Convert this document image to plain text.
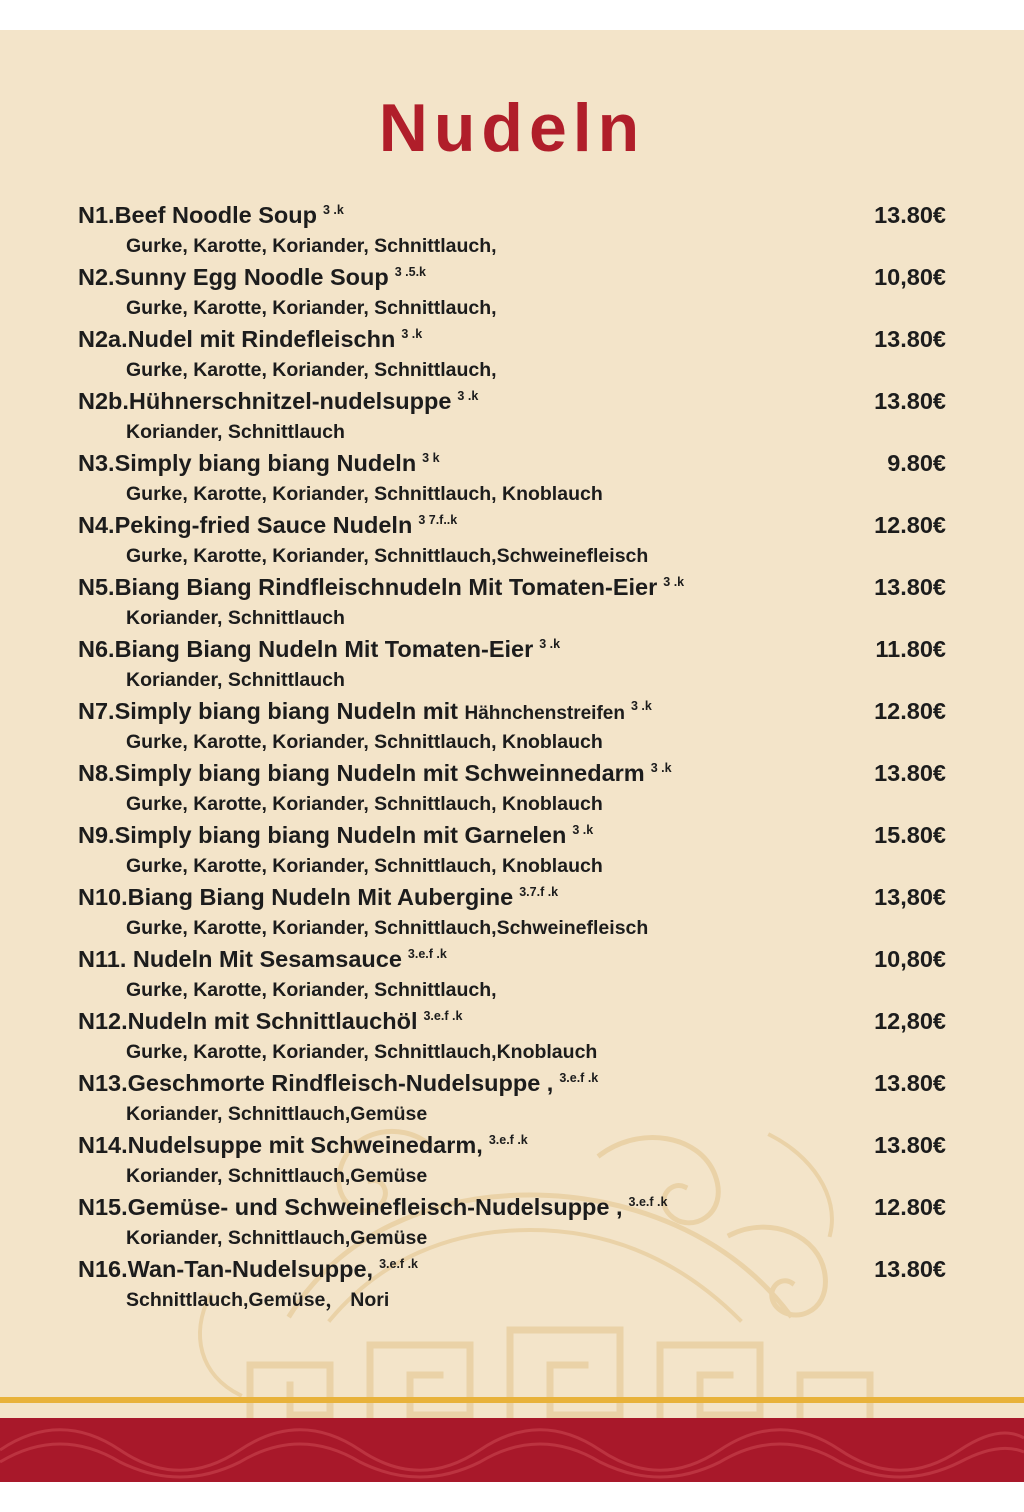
Nudeln
N1.Beef Noodle Soup $^{3 .k}$	13.80€
Gurke, Karotte, Koriander, Schnittlauch,
N2.Sunny Egg Noodle Soup $^{3 .5.k}$	10,80€
Gurke, Karotte, Koriander, Schnittlauch,
N2a.Nudel mit Rindefleischn $^{3 .k}$	13.80€
Gurke, Karotte, Koriander, Schnittlauch,
N2b.Hühnerschnitzel-nudelsuppe $^{3 .k}$	13.80€
Koriander, Schnittlauch
N3.Simply biang biang Nudeln $^{3 k}$	9.80€
Gurke, Karotte, Koriander, Schnittlauch, Knoblauch
N4.Peking-fried Sauce Nudeln $^{3 7.f..k}$	12.80€
Gurke, Karotte, Koriander, Schnittlauch,Schweinefleisch
N5.Biang Biang Rindfleischnudeln Mit Tomaten-Eier $^{3 .k}$	13.80€
Koriander, Schnittlauch
N6.Biang Biang Nudeln Mit Tomaten-Eier $^{3 .k}$	11.80€
Koriander, Schnittlauch
N7.Simply biang biang Nudeln mit Hähnchenstreifen $^{3 .k}$	12.80€
Gurke, Karotte, Koriander, Schnittlauch, Knoblauch
N8.Simply biang biang Nudeln mit Schweinnedarm $^{3 .k}$	13.80€
Gurke, Karotte, Koriander, Schnittlauch, Knoblauch
N9.Simply biang biang Nudeln mit Garnelen $^{3 .k}$	15.80€
Gurke, Karotte, Koriander, Schnittlauch, Knoblauch
N10.Biang Biang Nudeln Mit Aubergine $^{3.7.f .k}$	13,80€
Gurke, Karotte, Koriander, Schnittlauch,Schweinefleisch
N11. Nudeln Mit Sesamsauce $^{3.e.f .k}$	10,80€
Gurke, Karotte, Koriander, Schnittlauch,
N12.Nudeln mit Schnittlauchöl $^{3.e.f .k}$	12,80€
Gurke, Karotte, Koriander, Schnittlauch,Knoblauch
N13.Geschmorte Rindfleisch-Nudelsuppe , $^{3.e.f .k}$	13.80€
Koriander, Schnittlauch,Gemüse
N14.Nudelsuppe mit Schweinedarm, $^{3.e.f .k}$	13.80€
Koriander, Schnittlauch,Gemüse
N15.Gemüse- und Schweinefleisch-Nudelsuppe , $^{3.e.f .k}$	12.80€
Koriander, Schnittlauch,Gemüse
N16.Wan-Tan-Nudelsuppe, $^{3.e.f .k}$	13.80€
Schnittlauch,Gemüse， Nori
